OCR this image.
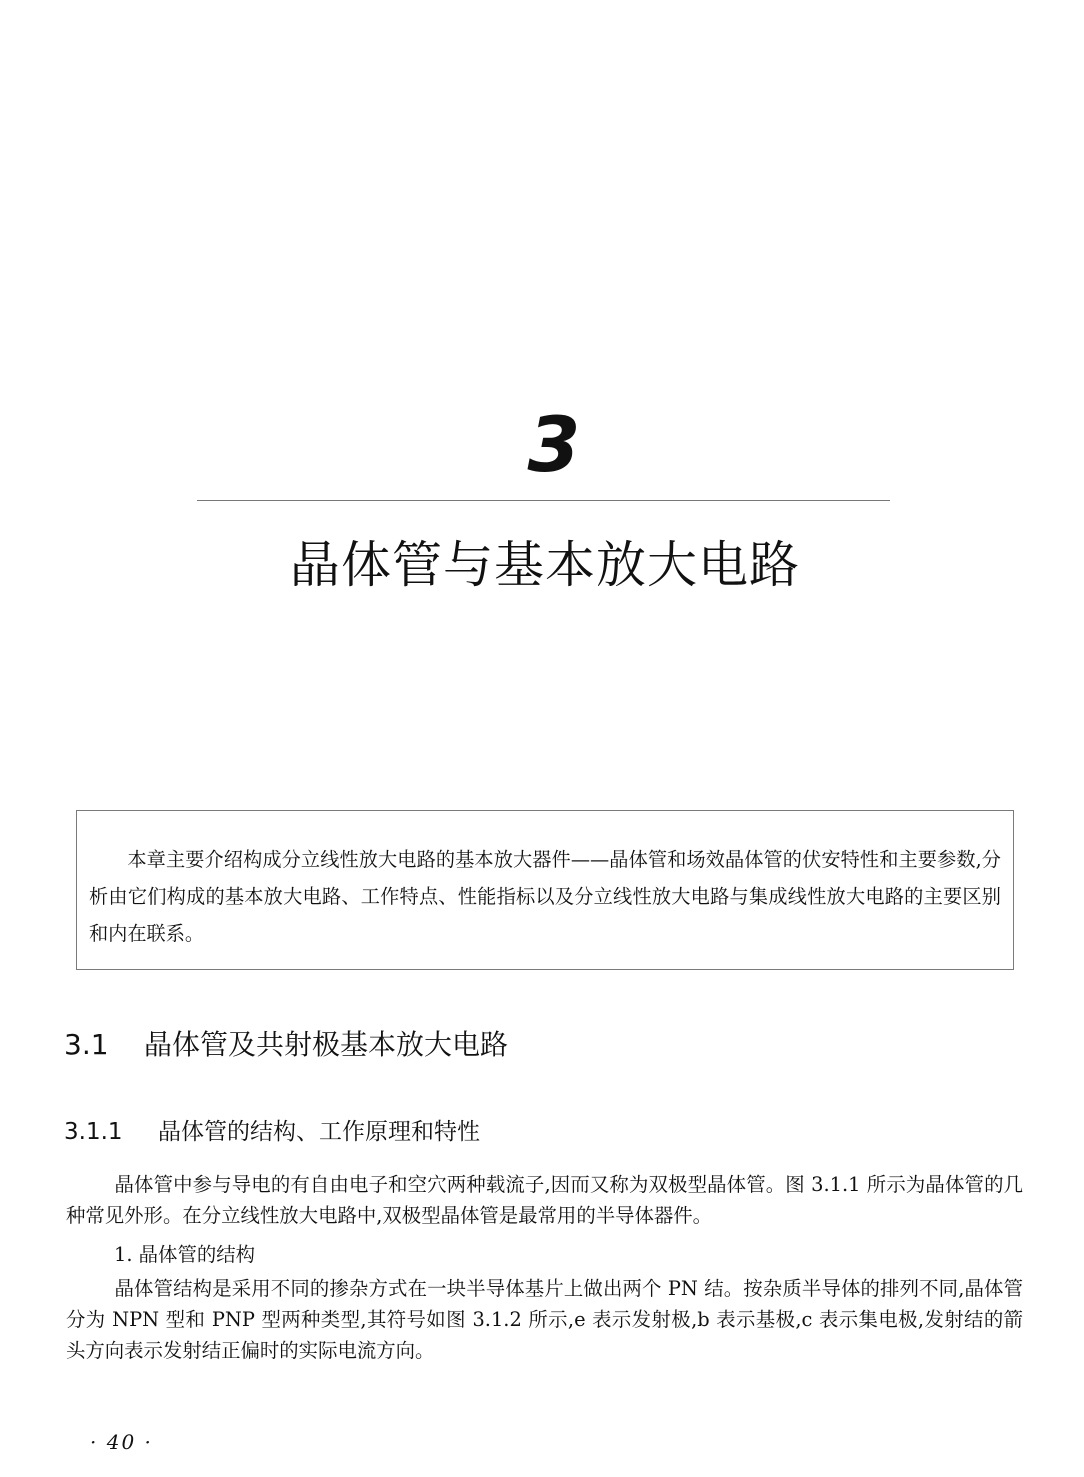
3
晶体管与基本放大电路

本章主要介绍构成分立线性放大电路的基本放大器件——晶体管和场效晶体管的伏安特性和主要参数,分析由它们构成的基本放大电路、工作特点、性能指标以及分立线性放大电路与集成线性放大电路的主要区别和内在联系。

3.1 晶体管及共射极基本放大电路
3.1.1 晶体管的结构、工作原理和特性

晶体管中参与导电的有自由电子和空穴两种载流子,因而又称为双极型晶体管。图 3.1.1 所示为晶体管的几种常见外形。在分立线性放大电路中,双极型晶体管是最常用的半导体器件。

1. 晶体管的结构

晶体管结构是采用不同的掺杂方式在一块半导体基片上做出两个 PN 结。按杂质半导体的排列不同,晶体管分为 NPN 型和 PNP 型两种类型,其符号如图 3.1.2 所示,e 表示发射极,b 表示基极,c 表示集电极,发射结的箭头方向表示发射结正偏时的实际电流方向。

· 40 ·
